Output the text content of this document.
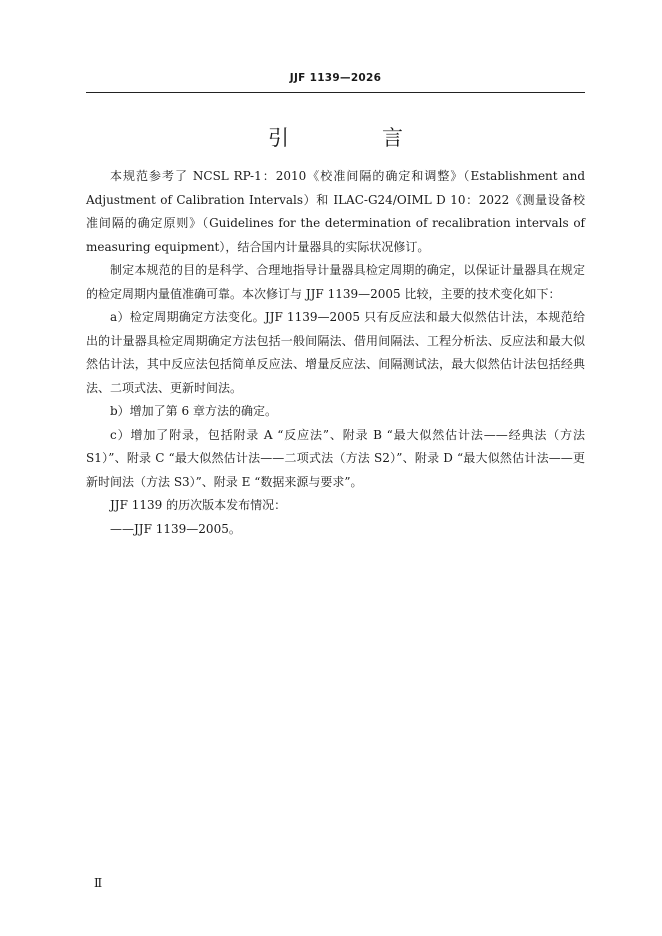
JJF 1139—2026
引　言

本规范参考了 NCSL RP-1：2010《校准间隔的确定和调整》（Establishment and Adjustment of Calibration Intervals）和 ILAC-G24/OIML D 10：2022《测量设备校准间隔的确定原则》（Guidelines for the determination of recalibration intervals of measuring equipment），结合国内计量器具的实际状况修订。

制定本规范的目的是科学、合理地指导计量器具检定周期的确定，以保证计量器具在规定的检定周期内量值准确可靠。本次修订与 JJF 1139—2005 比较，主要的技术变化如下：

a）检定周期确定方法变化。JJF 1139—2005 只有反应法和最大似然估计法，本规范给出的计量器具检定周期确定方法包括一般间隔法、借用间隔法、工程分析法、反应法和最大似然估计法，其中反应法包括简单反应法、增量反应法、间隔测试法，最大似然估计法包括经典法、二项式法、更新时间法。

b）增加了第 6 章方法的确定。

c）增加了附录，包括附录 A “反应法”、附录 B “最大似然估计法——经典法（方法 S1）”、附录 C “最大似然估计法——二项式法（方法 S2）”、附录 D “最大似然估计法——更新时间法（方法 S3）”、附录 E “数据来源与要求”。

JJF 1139 的历次版本发布情况：

——JJF 1139—2005。

Ⅱ
